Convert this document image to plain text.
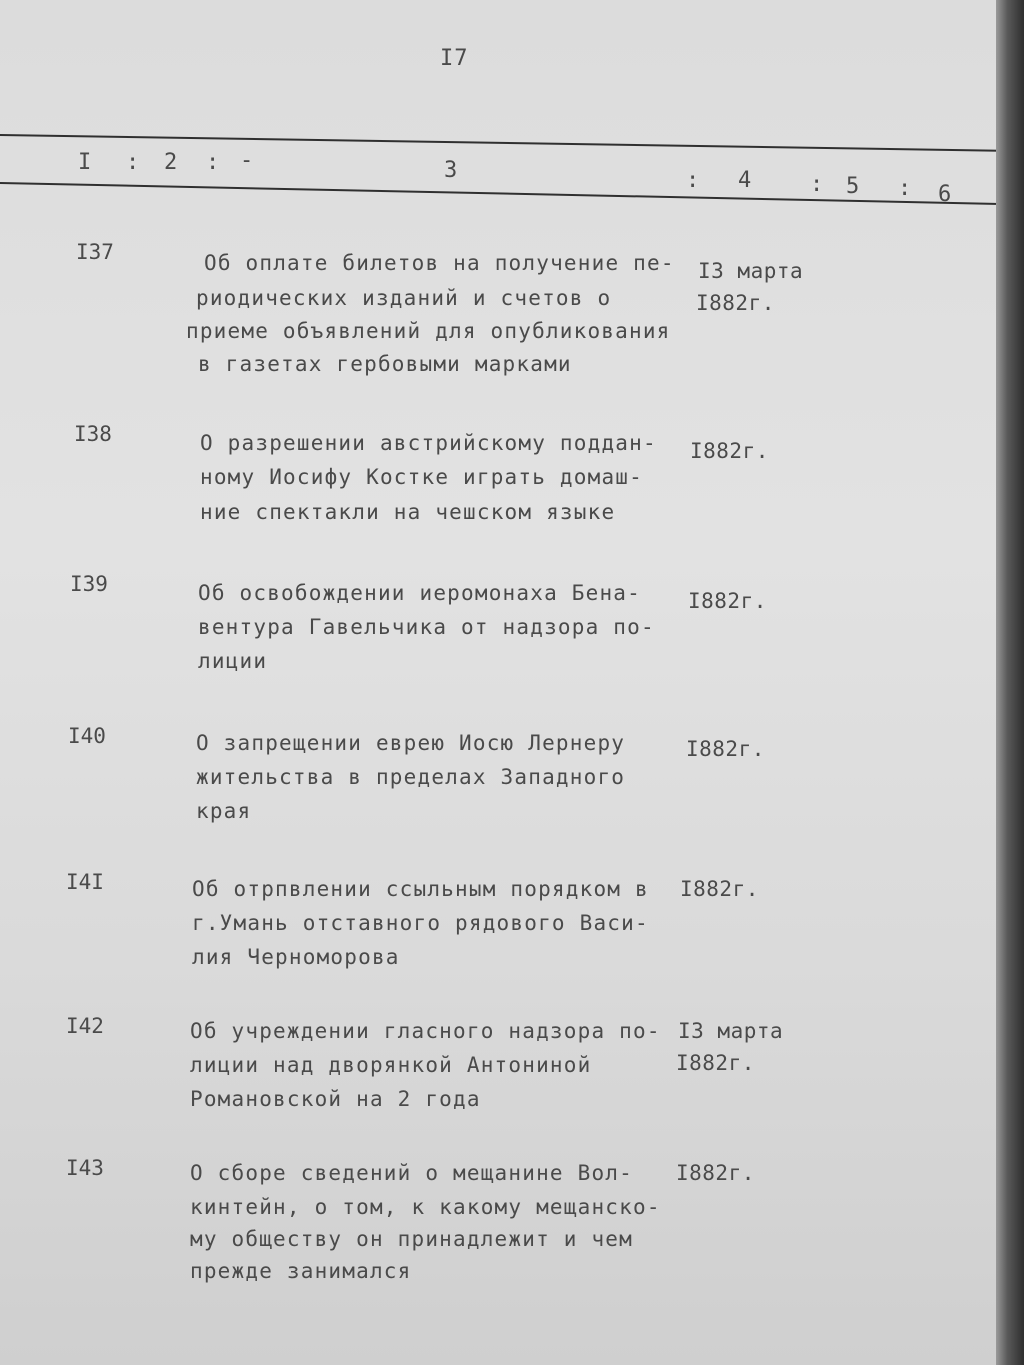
I7
I : 2 : -	3	: 4	: 5 : 6
I37	Об оплате билетов на получение пе-
риодических изданий и счетов о
приеме объявлений для опубликования
в газетах гербовыми марками
I3 марта
I882г.
I38	О разрешении австрийскому поддан-
ному Иосифу Костке играть домаш-
ние спектакли на чешском языке
I882г.
I39	Об освобождении иеромонаха Бена-
вентура Гавельчика от надзора по-
лиции
I882г.
I40	О запрещении еврею Иосю Лернеру
жительства в пределах Западного
края
I882г.
I4I	Об отрпвлении ссыльным порядком в
г.Умань отставного рядового Васи-
лия Черноморова
I882г.
I42	Об учреждении гласного надзора по-
лиции над дворянкой Антониной
Романовской на 2 года
I3 марта
I882г.
I43	О сборе сведений о мещанине Вол-
кинтейн, о том, к какому мещанско-
му обществу он принадлежит и чем
прежде занимался
I882г.
